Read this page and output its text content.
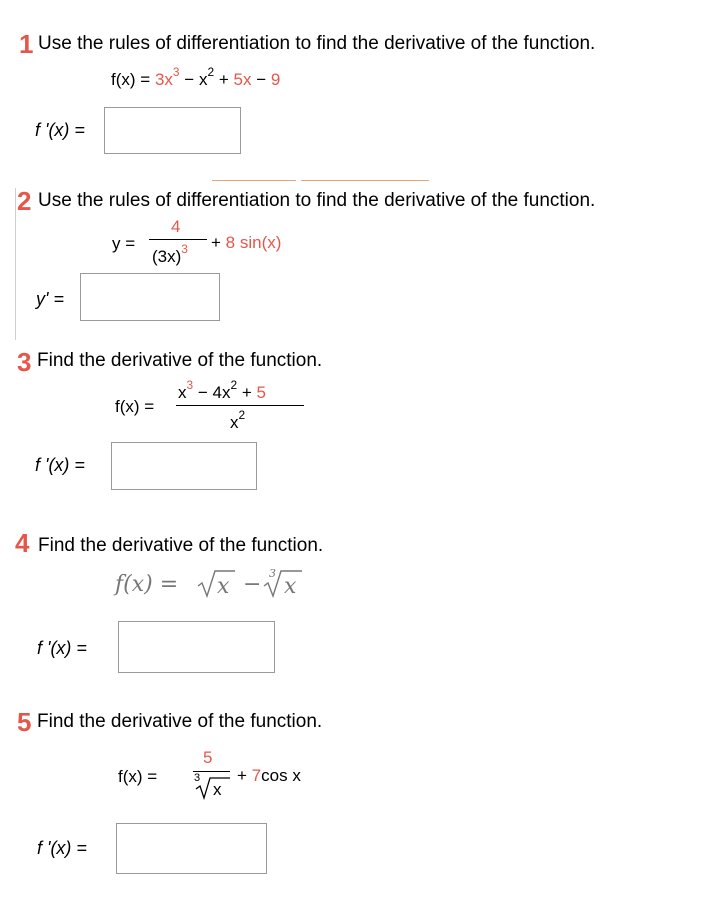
1 Use the rules of differentiation to find the derivative of the function.
$f(x) = 3x^3 - x^2 + 5x - 9$
f '(x) =
2 Use the rules of differentiation to find the derivative of the function.
y =
4
$(3x)^3 + 8$ sin(x)
y' =
3 Find the derivative of the function.
f(x) =
$x^3 - 4x^2 + 5$
$x^2$
f '(x) =
4 Find the derivative of the function.
f(x) = x − 3
x
f '(x) =
5 Find the derivative of the function.
f(x) =
5
3
x
+ 7cos x
f '(x) =
